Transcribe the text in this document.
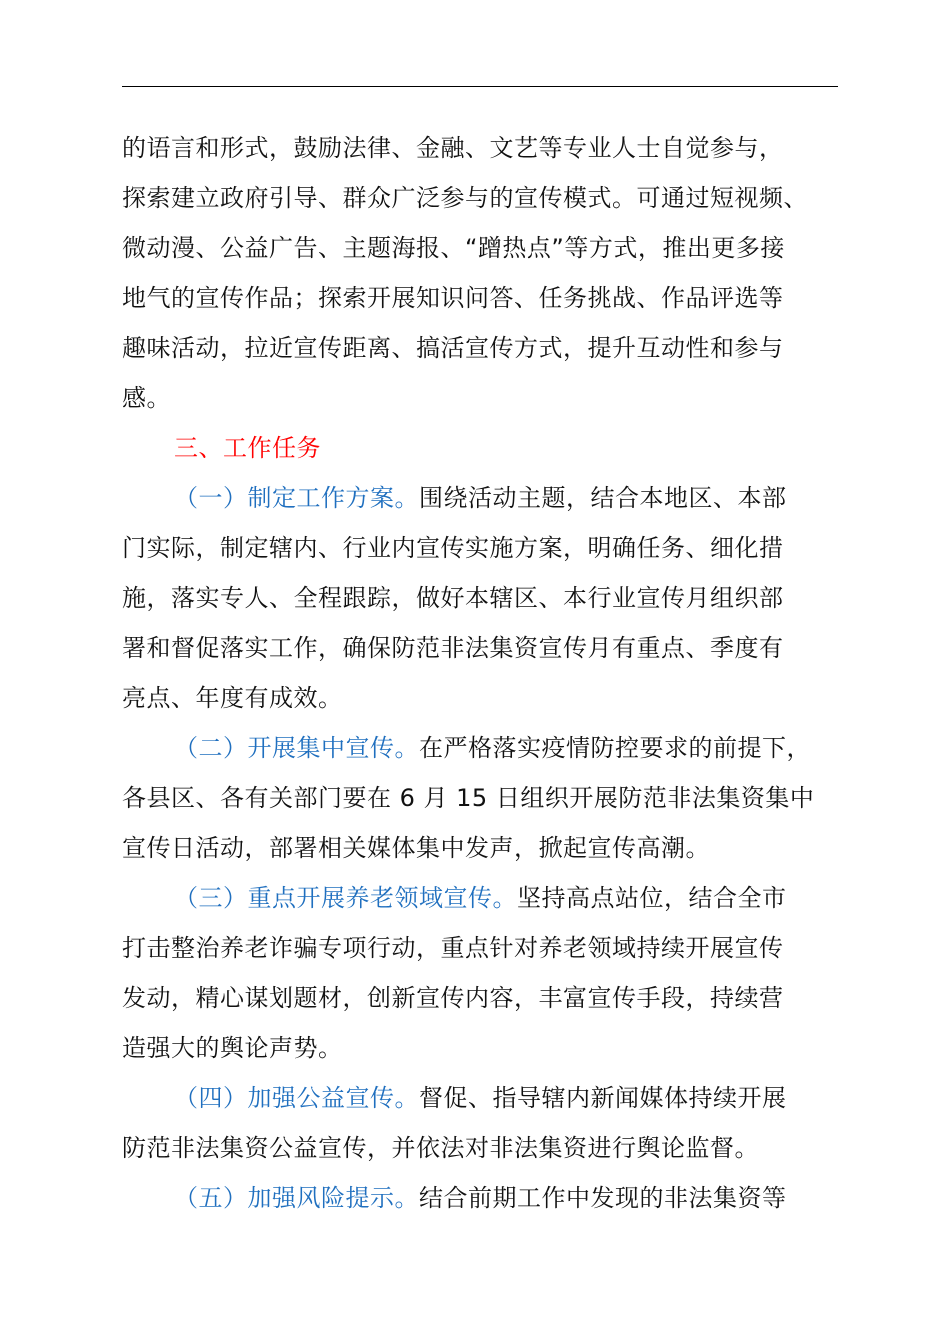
的语言和形式，鼓励法律、金融、文艺等专业人士自觉参与，
探索建立政府引导、群众广泛参与的宣传模式。可通过短视频、
微动漫、公益广告、主题海报、“蹭热点”等方式，推出更多接
地气的宣传作品；探索开展知识问答、任务挑战、作品评选等
趣味活动，拉近宣传距离、搞活宣传方式，提升互动性和参与
感。
三、工作任务
（一）制定工作方案。围绕活动主题，结合本地区、本部
门实际，制定辖内、行业内宣传实施方案，明确任务、细化措
施，落实专人、全程跟踪，做好本辖区、本行业宣传月组织部
署和督促落实工作，确保防范非法集资宣传月有重点、季度有
亮点、年度有成效。
（二）开展集中宣传。在严格落实疫情防控要求的前提下，
各县区、各有关部门要在 6 月 15 日组织开展防范非法集资集中
宣传日活动，部署相关媒体集中发声，掀起宣传高潮。
（三）重点开展养老领域宣传。坚持高点站位，结合全市
打击整治养老诈骗专项行动，重点针对养老领域持续开展宣传
发动，精心谋划题材，创新宣传内容，丰富宣传手段，持续营
造强大的舆论声势。
（四）加强公益宣传。督促、指导辖内新闻媒体持续开展
防范非法集资公益宣传，并依法对非法集资进行舆论监督。
（五）加强风险提示。结合前期工作中发现的非法集资等
